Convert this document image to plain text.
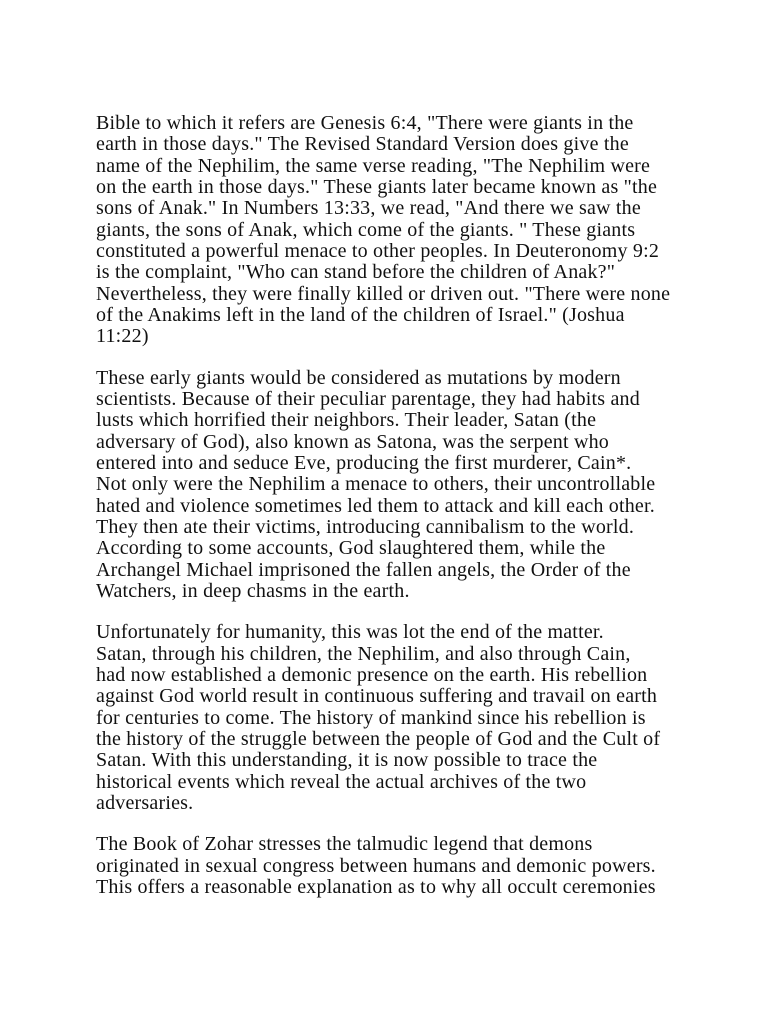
Bible to which it refers are Genesis 6:4, "There were giants in the
earth in those days." The Revised Standard Version does give the
name of the Nephilim, the same verse reading, "The Nephilim were
on the earth in those days." These giants later became known as "the
sons of Anak." In Numbers 13:33, we read, "And there we saw the
giants, the sons of Anak, which come of the giants. " These giants
constituted a powerful menace to other peoples. In Deuteronomy 9:2
is the complaint, "Who can stand before the children of Anak?"
Nevertheless, they were finally killed or driven out. "There were none
of the Anakims left in the land of the children of Israel." (Joshua
11:22)

These early giants would be considered as mutations by modern
scientists. Because of their peculiar parentage, they had habits and
lusts which horrified their neighbors. Their leader, Satan (the
adversary of God), also known as Satona, was the serpent who
entered into and seduce Eve, producing the first murderer, Cain*.
Not only were the Nephilim a menace to others, their uncontrollable
hated and violence sometimes led them to attack and kill each other.
They then ate their victims, introducing cannibalism to the world.
According to some accounts, God slaughtered them, while the
Archangel Michael imprisoned the fallen angels, the Order of the
Watchers, in deep chasms in the earth.

Unfortunately for humanity, this was lot the end of the matter.
Satan, through his children, the Nephilim, and also through Cain,
had now established a demonic presence on the earth. His rebellion
against God world result in continuous suffering and travail on earth
for centuries to come. The history of mankind since his rebellion is
the history of the struggle between the people of God and the Cult of
Satan. With this understanding, it is now possible to trace the
historical events which reveal the actual archives of the two
adversaries.

The Book of Zohar stresses the talmudic legend that demons
originated in sexual congress between humans and demonic powers.
This offers a reasonable explanation as to why all occult ceremonies
